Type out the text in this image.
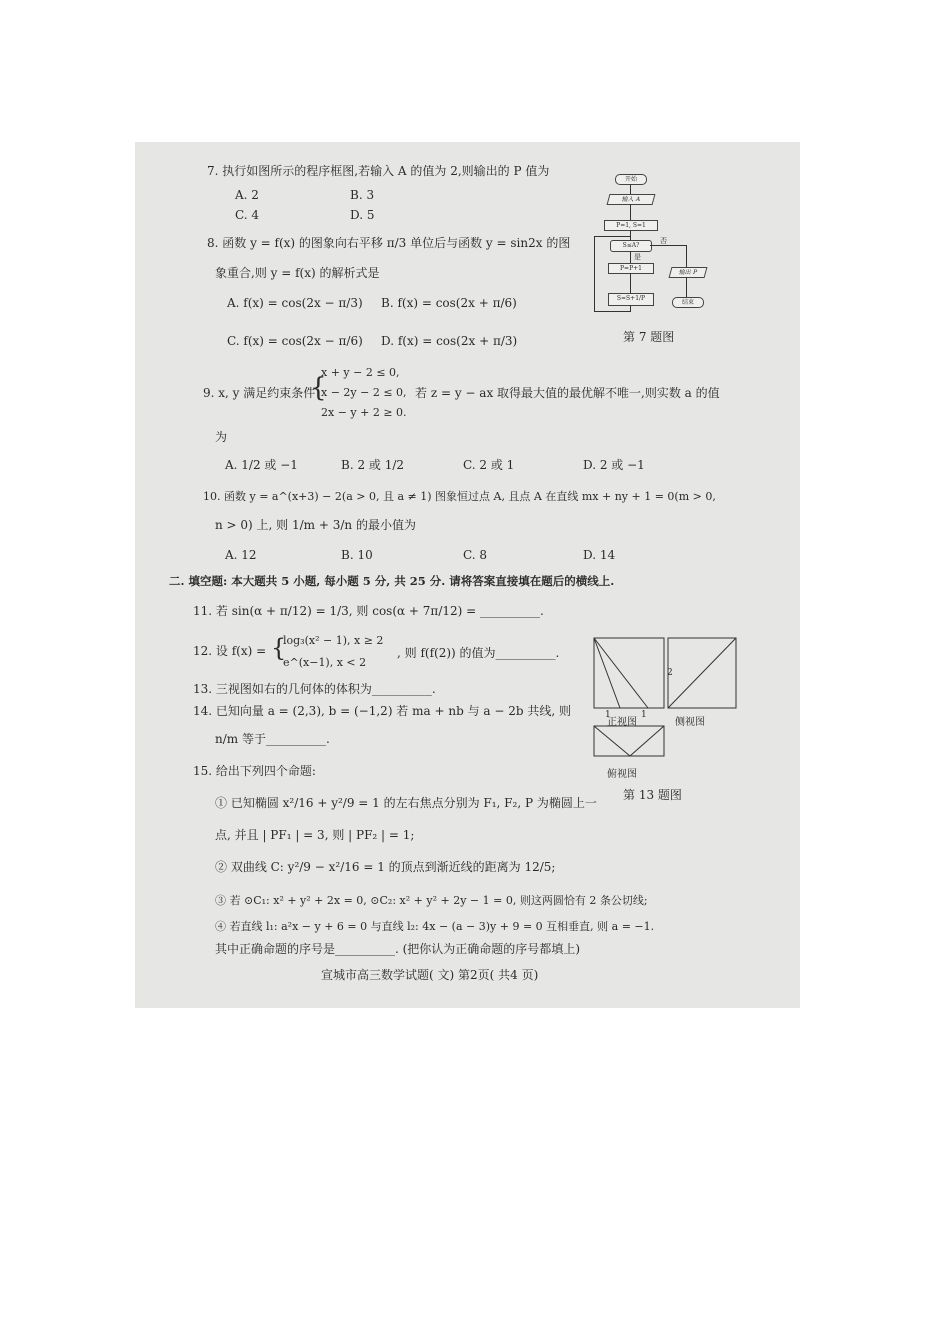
7. 执行如图所示的程序框图,若输入 A 的值为 2,则输出的 P 值为
A. 2	B. 3
C. 4	D. 5
开始
输入 A
P=1, S=1
S≤A?
否
输出 P
结束
是
P=P+1
S=S+1/P
第 7 题图
8. 函数 y = f(x) 的图象向右平移 π/3 单位后与函数 y = sin2x 的图
象重合,则 y = f(x) 的解析式是
A. f(x) = cos(2x − π/3) B. f(x) = cos(2x + π/6)
C. f(x) = cos(2x − π/6) D. f(x) = cos(2x + π/3)
9. x, y 满足约束条件
{
x + y − 2 ≤ 0,
x − 2y − 2 ≤ 0,
2x − y + 2 ≥ 0.
若 z = y − ax 取得最大值的最优解不唯一,则实数 a 的值
为
A. 1/2 或 −1	B. 2 或 1/2	C. 2 或 1	D. 2 或 −1
10. 函数 y = a^(x+3) − 2(a > 0, 且 a ≠ 1) 图象恒过点 A, 且点 A 在直线 mx + ny + 1 = 0(m > 0,
n > 0) 上, 则 1/m + 3/n 的最小值为
A. 12	B. 10	C. 8	D. 14
二. 填空题: 本大题共 5 小题, 每小题 5 分, 共 25 分. 请将答案直接填在题后的横线上.
11. 若 sin(α + π/12) = 1/3, 则 cos(α + 7π/12) = __________.
12. 设 f(x) = {
log₃(x² − 1), x ≥ 2
e^(x−1), x < 2
, 则 f(f(2)) 的值为__________.
2
1	1
正视图	侧视图
俯视图
第 13 题图
13. 三视图如右的几何体的体积为__________.
14. 已知向量 a = (2,3), b = (−1,2) 若 ma + nb 与 a − 2b 共线, 则
n/m 等于__________.
15. 给出下列四个命题:
① 已知椭圆 x²/16 + y²/9 = 1 的左右焦点分别为 F₁, F₂, P 为椭圆上一
点, 并且 | PF₁ | = 3, 则 | PF₂ | = 1;
② 双曲线 C: y²/9 − x²/16 = 1 的顶点到渐近线的距离为 12/5;
③ 若 ⊙C₁: x² + y² + 2x = 0, ⊙C₂: x² + y² + 2y − 1 = 0, 则这两圆恰有 2 条公切线;
④ 若直线 l₁: a²x − y + 6 = 0 与直线 l₂: 4x − (a − 3)y + 9 = 0 互相垂直, 则 a = −1.
其中正确命题的序号是__________. (把你认为正确命题的序号都填上)
宣城市高三数学试题( 文) 第2页( 共4 页)
